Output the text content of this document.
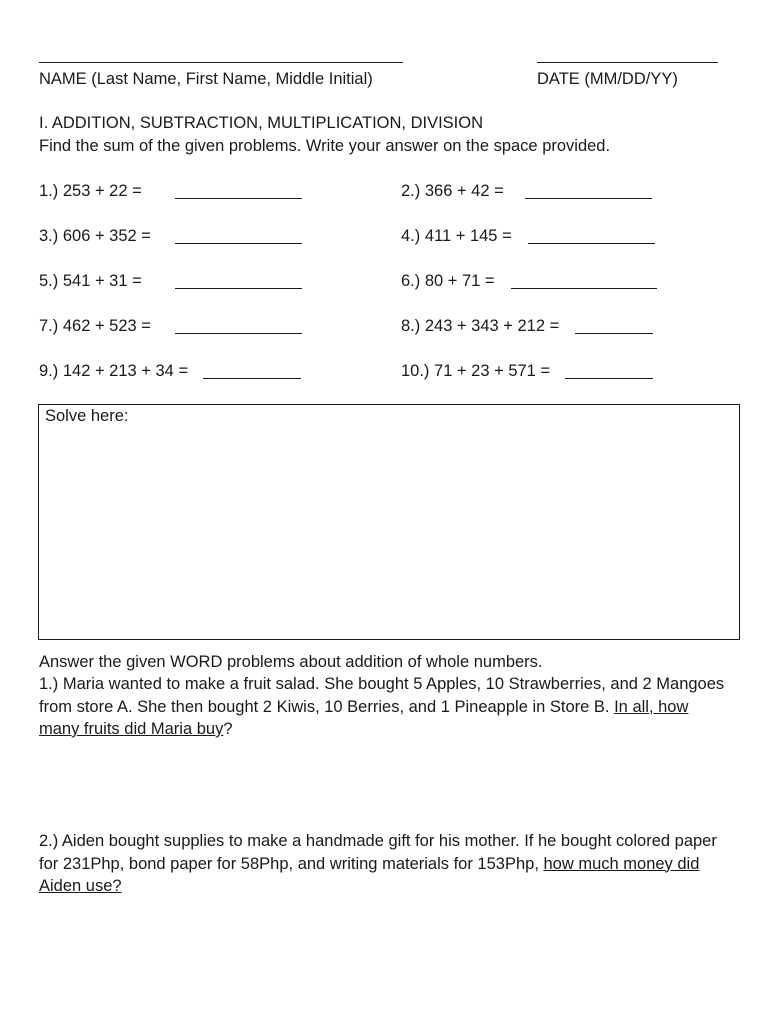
NAME (Last Name, First Name, Middle Initial)	DATE (MM/DD/YY)
I. ADDITION, SUBTRACTION, MULTIPLICATION, DIVISION
Find the sum of the given problems. Write your answer on the space provided.
1.) 253 + 22 =
3.) 606 + 352 =
5.) 541 + 31 =
7.) 462 + 523 =
9.) 142 + 213 + 34 =
2.) 366 + 42 =
4.) 411 + 145 =
6.) 80 + 71 =
8.) 243 + 343 + 212 =
10.) 71 + 23 + 571 =
Solve here:
Answer the given WORD problems about addition of whole numbers.
1.) Maria wanted to make a fruit salad. She bought 5 Apples, 10 Strawberries, and 2 Mangoes from store A. She then bought 2 Kiwis, 10 Berries, and 1 Pineapple in Store B. In all, how many fruits did Maria buy?
2.) Aiden bought supplies to make a handmade gift for his mother. If he bought colored paper for 231Php, bond paper for 58Php, and writing materials for 153Php, how much money did Aiden use?
